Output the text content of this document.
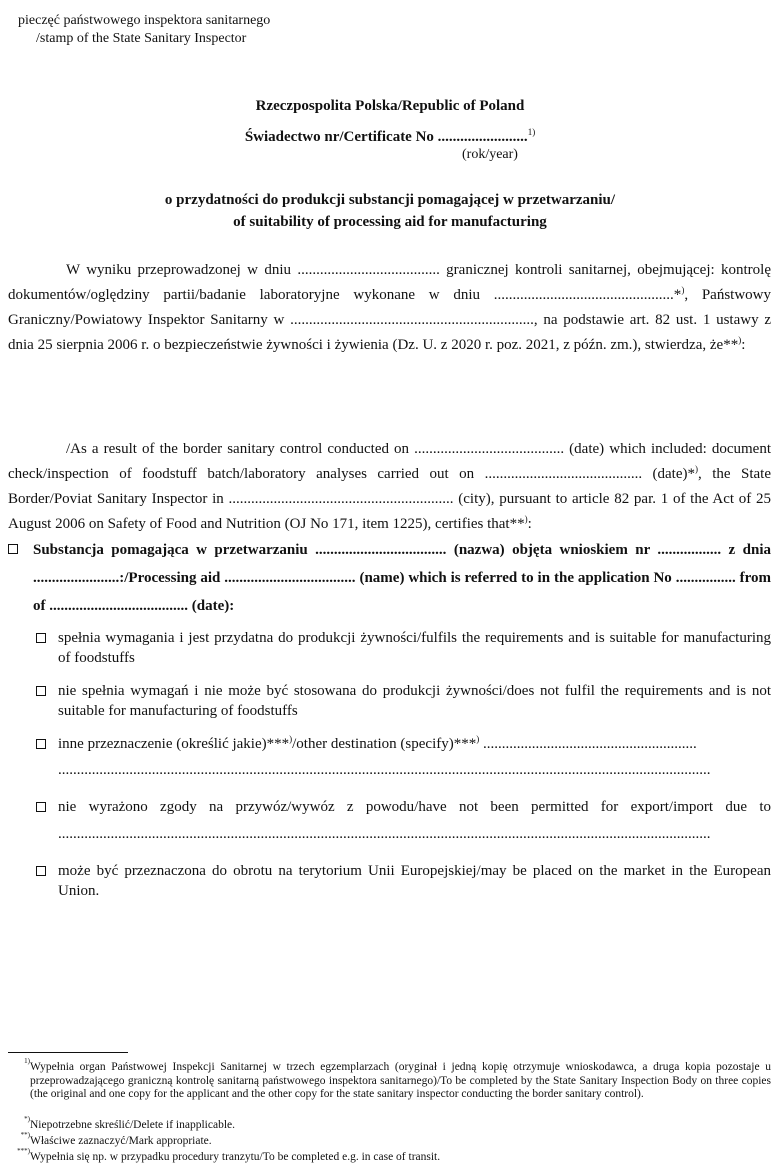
pieczęć państwowego inspektora sanitarnego
/stamp of the State Sanitary Inspector
Rzeczpospolita Polska/Republic of Poland
Świadectwo nr/Certificate No ........................$^{1)}$
(rok/year)
o przydatności do produkcji substancji pomagającej w przetwarzaniu/
of suitability of processing aid for manufacturing
W wyniku przeprowadzonej w dniu ...................................... granicznej kontroli sanitarnej, obejmującej: kontrolę dokumentów/oględziny partii/badanie laboratoryjne wykonane w dniu ................................................*), Państwowy Graniczny/Powiatowy Inspektor Sanitarny w ................................................................., na podstawie art. 82 ust. 1 ustawy z dnia 25 sierpnia 2006 r. o bezpieczeństwie żywności i żywienia (Dz. U. z 2020 r. poz. 2021, z późn. zm.), stwierdza, że**):
/As a result of the border sanitary control conducted on ........................................ (date) which included: document check/inspection of foodstuff batch/laboratory analyses carried out on .......................................... (date)*), the State Border/Poviat Sanitary Inspector in ............................................................ (city), pursuant to article 82 par. 1 of the Act of 25 August 2006 on Safety of Food and Nutrition (OJ No 171, item 1225), certifies that**):
Substancja pomagająca w przetwarzaniu ................................... (nazwa) objęta wnioskiem nr ................. z dnia .......................:/Processing aid ................................... (name) which is referred to in the application No ................ from of ..................................... (date):
spełnia wymagania i jest przydatna do produkcji żywności/fulfils the requirements and is suitable for manufacturing of foodstuffs
nie spełnia wymagań i nie może być stosowana do produkcji żywności/does not fulfil the requirements and is not suitable for manufacturing of foodstuffs
inne przeznaczenie (określić jakie)***)/other destination (specify)***) .........................................................
..............................................................................................................................................................................
nie wyrażono zgody na przywóz/wywóz z powodu/have not been permitted for export/import due to
..............................................................................................................................................................................
może być przeznaczona do obrotu na terytorium Unii Europejskiej/may be placed on the market in the European Union.
1) Wypełnia organ Państwowej Inspekcji Sanitarnej w trzech egzemplarzach (oryginał i jedną kopię otrzymuje wnioskodawca, a druga kopia pozostaje u przeprowadzającego graniczną kontrolę sanitarną państwowego inspektora sanitarnego)/To be completed by the State Sanitary Inspection Body on three copies (the original and one copy for the applicant and the other copy for the state sanitary inspector conducting the border sanitary control).
*) Niepotrzebne skreślić/Delete if inapplicable.
**) Właściwe zaznaczyć/Mark appropriate.
***) Wypełnia się np. w przypadku procedury tranzytu/To be completed e.g. in case of transit.
